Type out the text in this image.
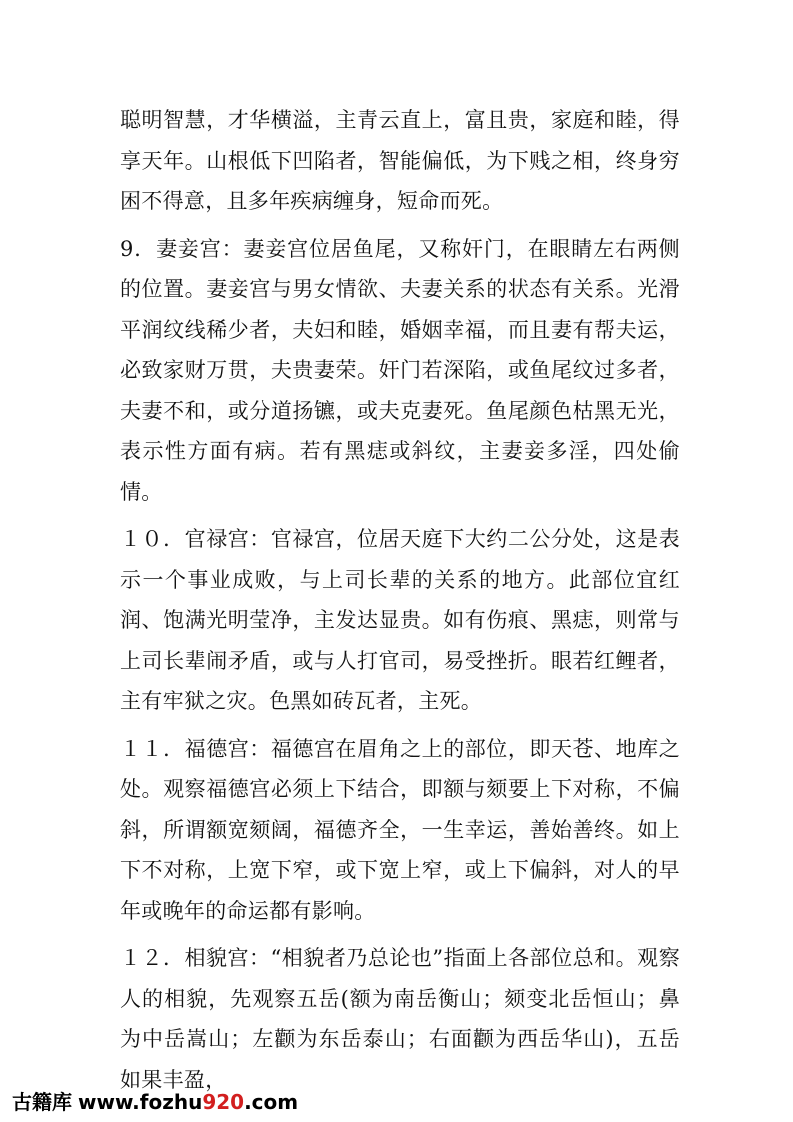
聪明智慧，才华横溢，主青云直上，富且贵，家庭和睦，得享天年。山根低下凹陷者，智能偏低，为下贱之相，终身穷困不得意，且多年疾病缠身，短命而死。

9．妻妾宫：妻妾宫位居鱼尾，又称奸门，在眼睛左右两侧的位置。妻妾宫与男女情欲、夫妻关系的状态有关系。光滑平润纹线稀少者，夫妇和睦，婚姻幸福，而且妻有帮夫运，必致家财万贯，夫贵妻荣。奸门若深陷，或鱼尾纹过多者，夫妻不和，或分道扬镳，或夫克妻死。鱼尾颜色枯黑无光，表示性方面有病。若有黑痣或斜纹，主妻妾多淫，四处偷情。

１０．官禄宫：官禄宫，位居天庭下大约二公分处，这是表示一个事业成败，与上司长辈的关系的地方。此部位宜红润、饱满光明莹净，主发达显贵。如有伤痕、黑痣，则常与上司长辈闹矛盾，或与人打官司，易受挫折。眼若红鲤者，主有牢狱之灾。色黑如砖瓦者，主死。

１１．福德宫：福德宫在眉角之上的部位，即天苍、地库之处。观察福德宫必须上下结合，即额与颏要上下对称，不偏斜，所谓额宽颏阔，福德齐全，一生幸运，善始善终。如上下不对称，上宽下窄，或下宽上窄，或上下偏斜，对人的早年或晚年的命运都有影响。

１２．相貌宫：“相貌者乃总论也”指面上各部位总和。观察人的相貌，先观察五岳(额为南岳衡山；颏变北岳恒山；鼻为中岳嵩山；左颧为东岳泰山；右面颧为西岳华山)，五岳如果丰盈，

古籍库 www.fozhu920.com
